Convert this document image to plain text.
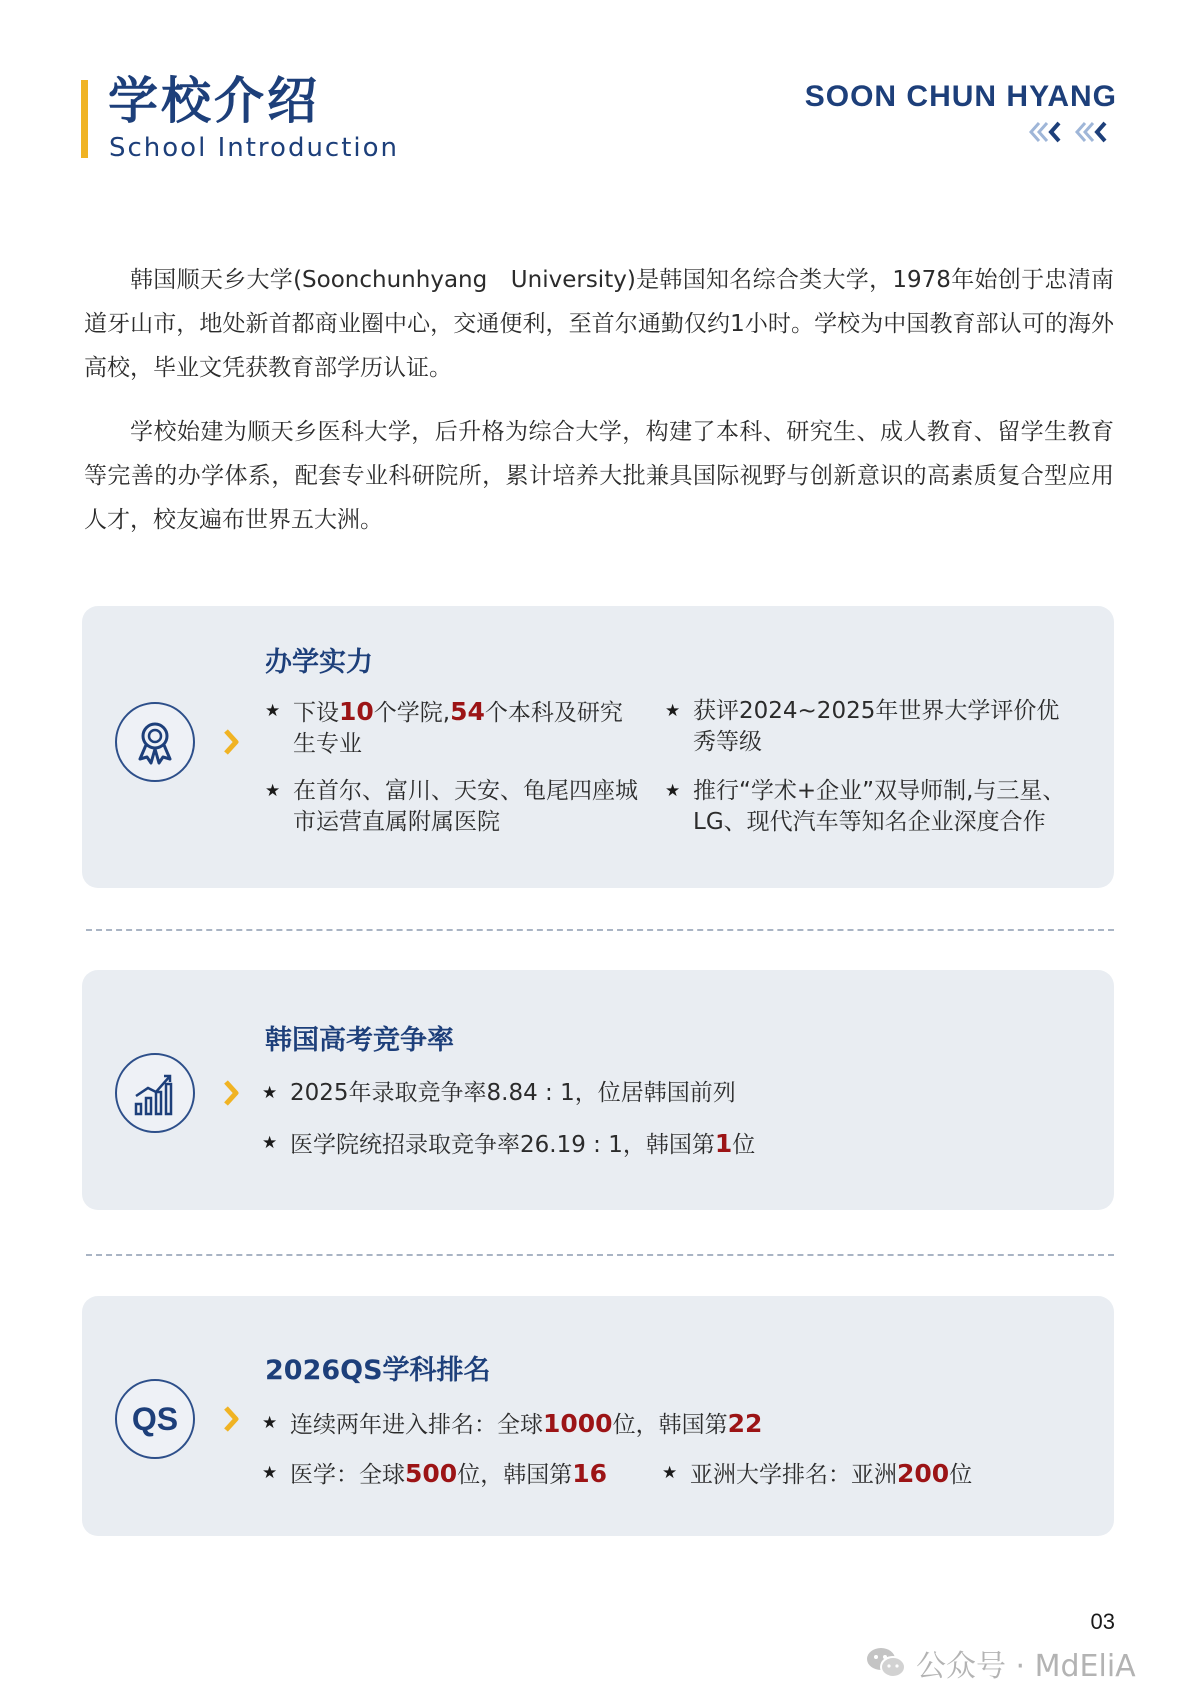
学校介绍
School Introduction
SOON CHUN HYANG

韩国顺天乡大学(Soonchunhyang　University)是韩国知名综合类大学，1978年始创于忠清南道牙山市，地处新首都商业圈中心，交通便利，至首尔通勤仅约1小时。学校为中国教育部认可的海外高校，毕业文凭获教育部学历认证。

学校始建为顺天乡医科大学，后升格为综合大学，构建了本科、研究生、成人教育、留学生教育等完善的办学体系，配套专业科研院所，累计培养大批兼具国际视野与创新意识的高素质复合型应用人才，校友遍布世界五大洲。

办学实力
★ 下设10个学院,54个本科及研究生专业
★ 获评2024~2025年世界大学评价优秀等级
★ 在首尔、富川、天安、龟尾四座城市运营直属附属医院
★ 推行“学术+企业”双导师制,与三星、LG、现代汽车等知名企业深度合作
韩国高考竞争率
★ 2025年录取竞争率8.84 : 1，位居韩国前列
★ 医学院统招录取竞争率26.19 : 1，韩国第1位
QS
2026QS学科排名
★ 连续两年进入排名：全球1000位，韩国第22
★ 医学：全球500位，韩国第16
★	亚洲大学排名：亚洲200位
03
公众号 · MdEliA
